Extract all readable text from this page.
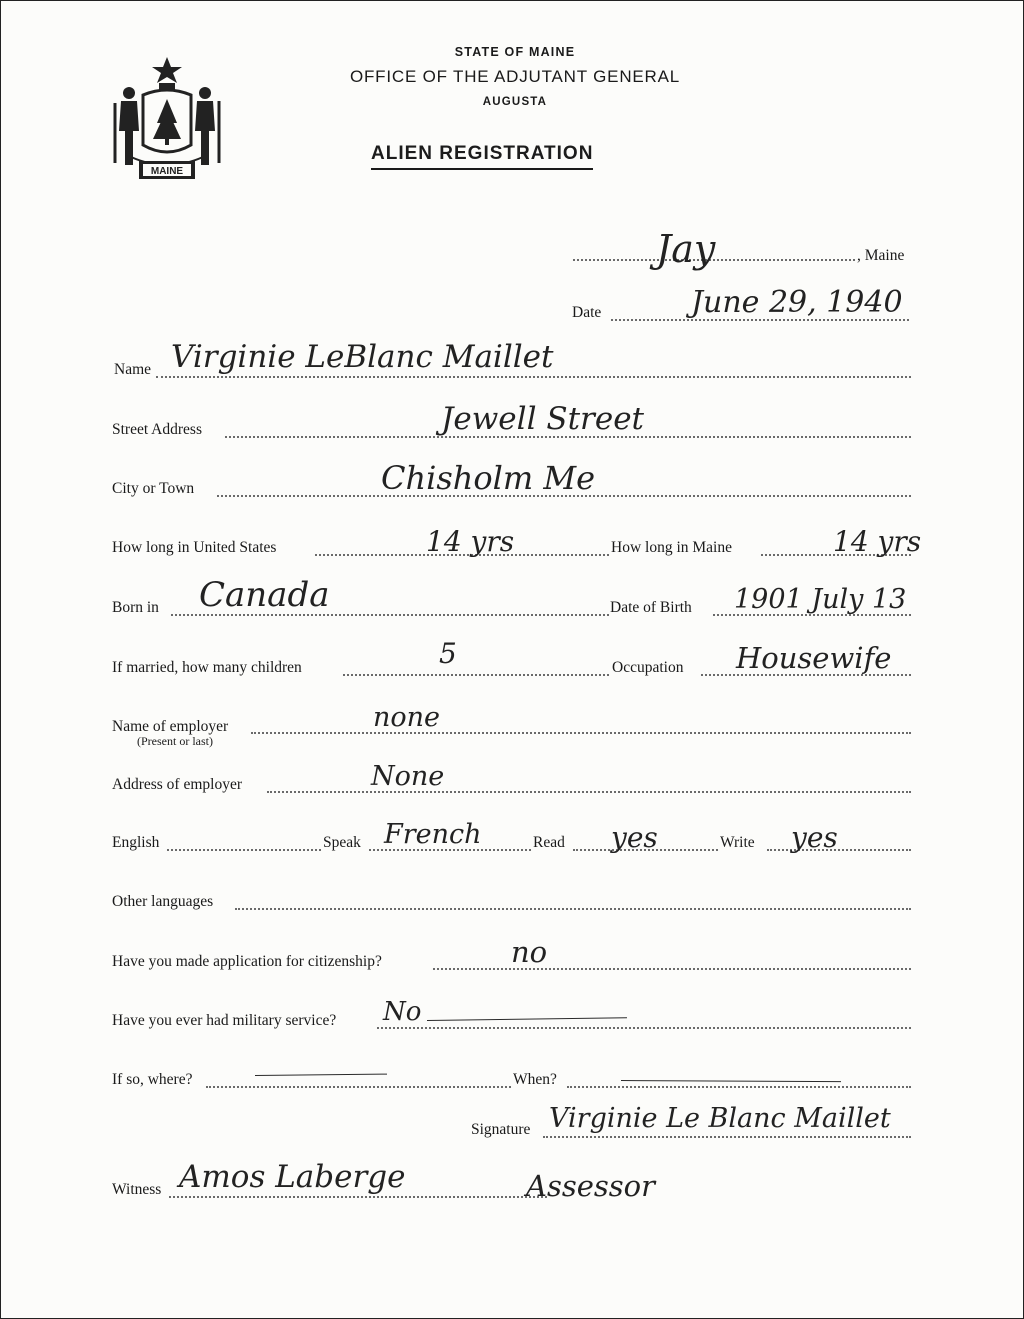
MAINE
STATE OF MAINE
OFFICE OF THE ADJUTANT GENERAL
AUGUSTA
ALIEN REGISTRATION
Jay	, Maine
Date	June 29, 1940
Name Virginie LeBlanc Maillet
Street Address	Jewell Street
City or Town	Chisholm Me
How long in United States	14 yrs	How long in Maine	14 yrs
Born in Canada	Date of Birth 1901 July 13
If married, how many children	5	Occupation Housewife
Name of employer
(Present or last)
none
Address of employer	None
English	Speak French	Read yes	Write yes
Other languages
Have you made application for citizenship?	no
Have you ever had military service? No
If so, where?	When?
Signature Virginie Le Blanc Maillet
Witness Amos Laberge	Assessor
